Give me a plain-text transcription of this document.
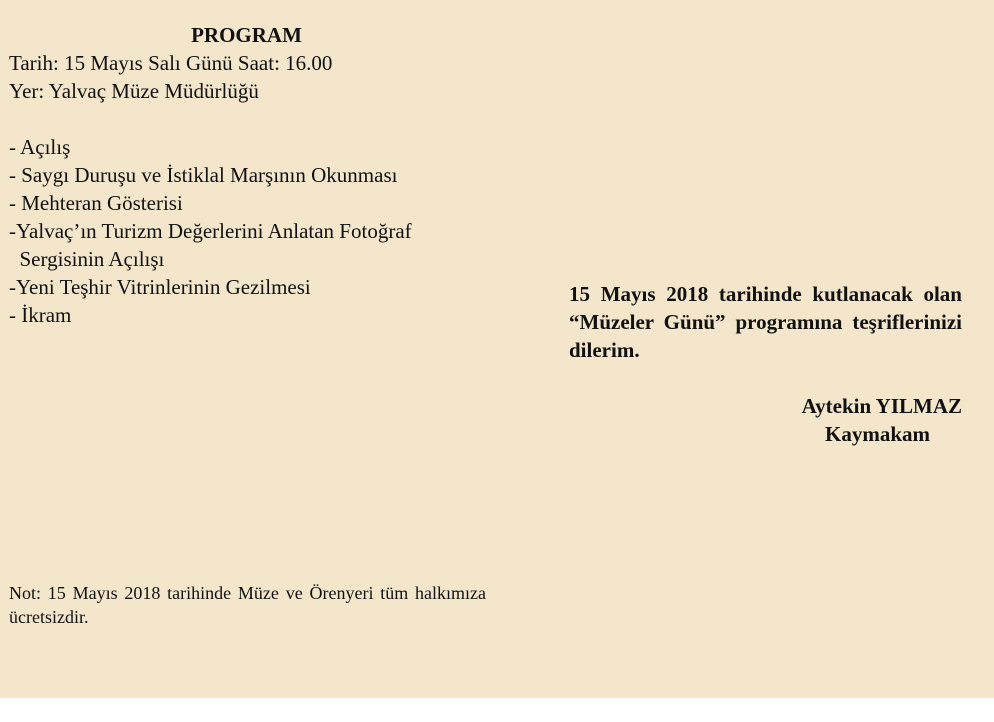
PROGRAM

Tarih: 15 Mayıs Salı Günü Saat: 16.00

Yer: Yalvaç Müze Müdürlüğü

- Açılış
- Saygı Duruşu ve İstiklal Marşının Okunması
- Mehteran Gösterisi
-Yalvaç’ın Turizm Değerlerini Anlatan Fotoğraf
Sergisinin Açılışı
-Yeni Teşhir Vitrinlerinin Gezilmesi
- İkram

15 Mayıs 2018 tarihinde kutlanacak olan “Müzeler Günü” programına teşriflerinizi dilerim.

Aytekin YILMAZ

Kaymakam

Not: 15 Mayıs 2018 tarihinde Müze ve Örenyeri tüm halkımıza ücretsizdir.
